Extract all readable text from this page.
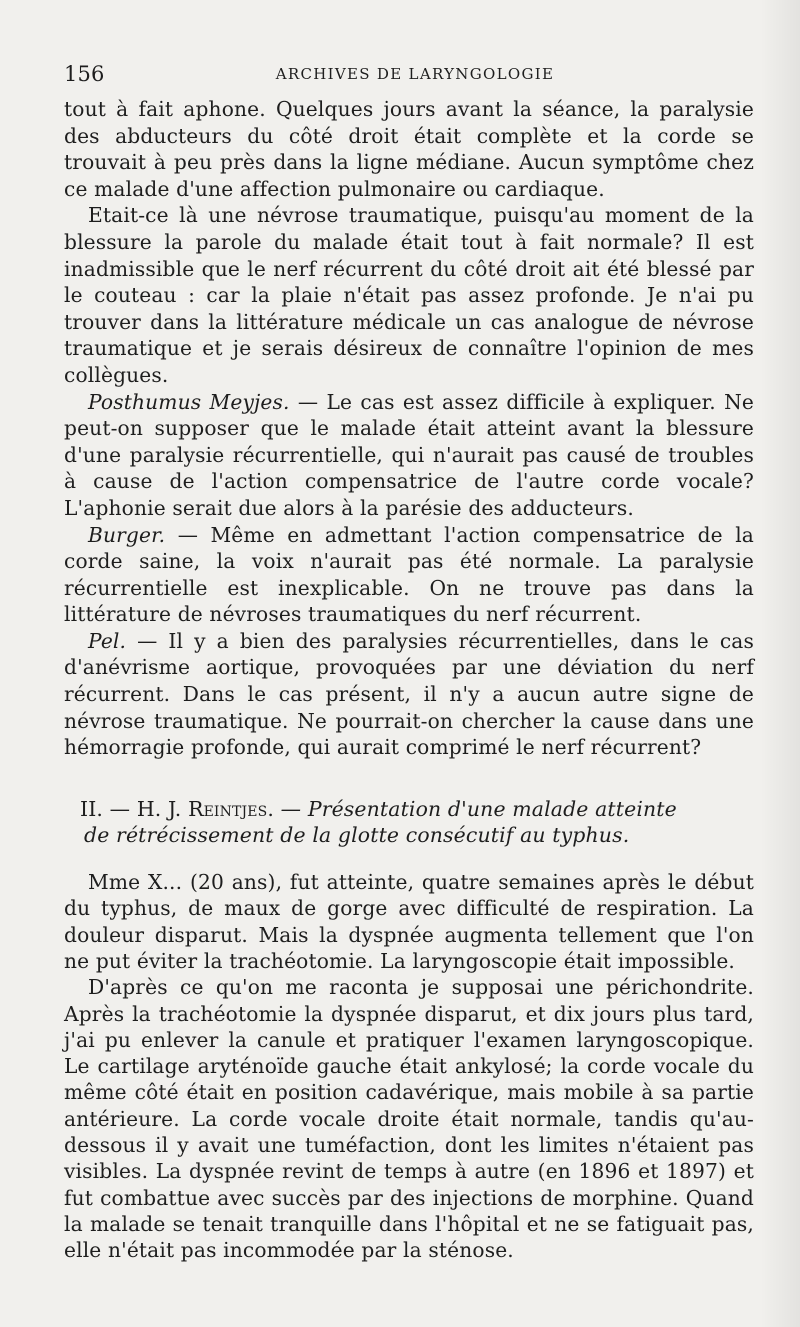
156	ARCHIVES DE LARYNGOLOGIE

tout à fait aphone. Quelques jours avant la séance, la paralysie des abducteurs du côté droit était complète et la corde se trouvait à peu près dans la ligne médiane. Aucun symptôme chez ce malade d'une affection pulmonaire ou cardiaque.

Etait-ce là une névrose traumatique, puisqu'au moment de la blessure la parole du malade était tout à fait normale? Il est inadmissible que le nerf récurrent du côté droit ait été blessé par le couteau : car la plaie n'était pas assez profonde. Je n'ai pu trouver dans la littérature médicale un cas analogue de névrose traumatique et je serais désireux de connaître l'opinion de mes collègues.

Posthumus Meyjes. — Le cas est assez difficile à expliquer. Ne peut-on supposer que le malade était atteint avant la blessure d'une paralysie récurrentielle, qui n'aurait pas causé de troubles à cause de l'action compensatrice de l'autre corde vocale? L'aphonie serait due alors à la parésie des adducteurs.

Burger. — Même en admettant l'action compensatrice de la corde saine, la voix n'aurait pas été normale. La paralysie récurrentielle est inexplicable. On ne trouve pas dans la littérature de névroses traumatiques du nerf récurrent.

Pel. — Il y a bien des paralysies récurrentielles, dans le cas d'anévrisme aortique, provoquées par une déviation du nerf récurrent. Dans le cas présent, il n'y a aucun autre signe de névrose traumatique. Ne pourrait-on chercher la cause dans une hémorragie profonde, qui aurait comprimé le nerf récurrent?

II. — H. J. Reintjes. — Présentation d'une malade atteinte

de rétrécissement de la glotte consécutif au typhus.

Mme X... (20 ans), fut atteinte, quatre semaines après le début du typhus, de maux de gorge avec difficulté de respiration. La douleur disparut. Mais la dyspnée augmenta tellement que l'on ne put éviter la trachéotomie. La laryngoscopie était impossible.

D'après ce qu'on me raconta je supposai une périchondrite. Après la trachéotomie la dyspnée disparut, et dix jours plus tard, j'ai pu enlever la canule et pratiquer l'examen laryngoscopique. Le cartilage aryténoïde gauche était ankylosé; la corde vocale du même côté était en position cadavérique, mais mobile à sa partie antérieure. La corde vocale droite était normale, tandis qu'au-dessous il y avait une tuméfaction, dont les limites n'étaient pas visibles. La dyspnée revint de temps à autre (en 1896 et 1897) et fut combattue avec succès par des injections de morphine. Quand la malade se tenait tranquille dans l'hôpital et ne se fatiguait pas, elle n'était pas incommodée par la sténose.
